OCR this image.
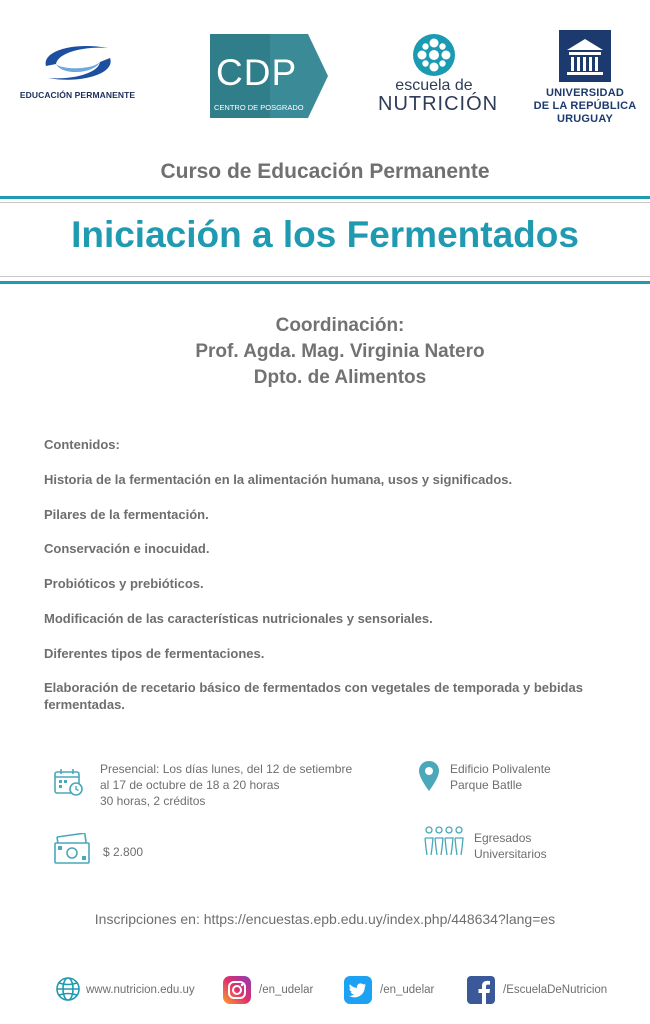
EDUCACIÓN PERMANENTE
CDP
CENTRO DE POSGRADO
escuela de
NUTRICIÓN	UNIVERSIDAD
DE LA REPÚBLICA
URUGUAY
Curso de Educación Permanente
Iniciación a los Fermentados
Coordinación:
Prof. Agda. Mag. Virginia Natero
Dpto. de Alimentos
Contenidos:
Historia de la fermentación en la alimentación humana, usos y significados.
Pilares de la fermentación.
Conservación e inocuidad.
Probióticos y prebióticos.
Modificación de las características nutricionales y sensoriales.
Diferentes tipos de fermentaciones.
Elaboración de recetario básico de fermentados con vegetales de temporada y bebidas fermentadas.
Presencial: Los días lunes, del 12 de setiembre
al 17 de octubre de 18 a 20 horas
30 horas, 2 créditos
Edificio Polivalente
Parque Batlle
$ 2.800
Egresados
Universitarios
Inscripciones en: https://encuestas.epb.edu.uy/index.php/448634?lang=es
www.nutricion.edu.uy	/en_udelar	/en_udelar	/EscuelaDeNutricion
